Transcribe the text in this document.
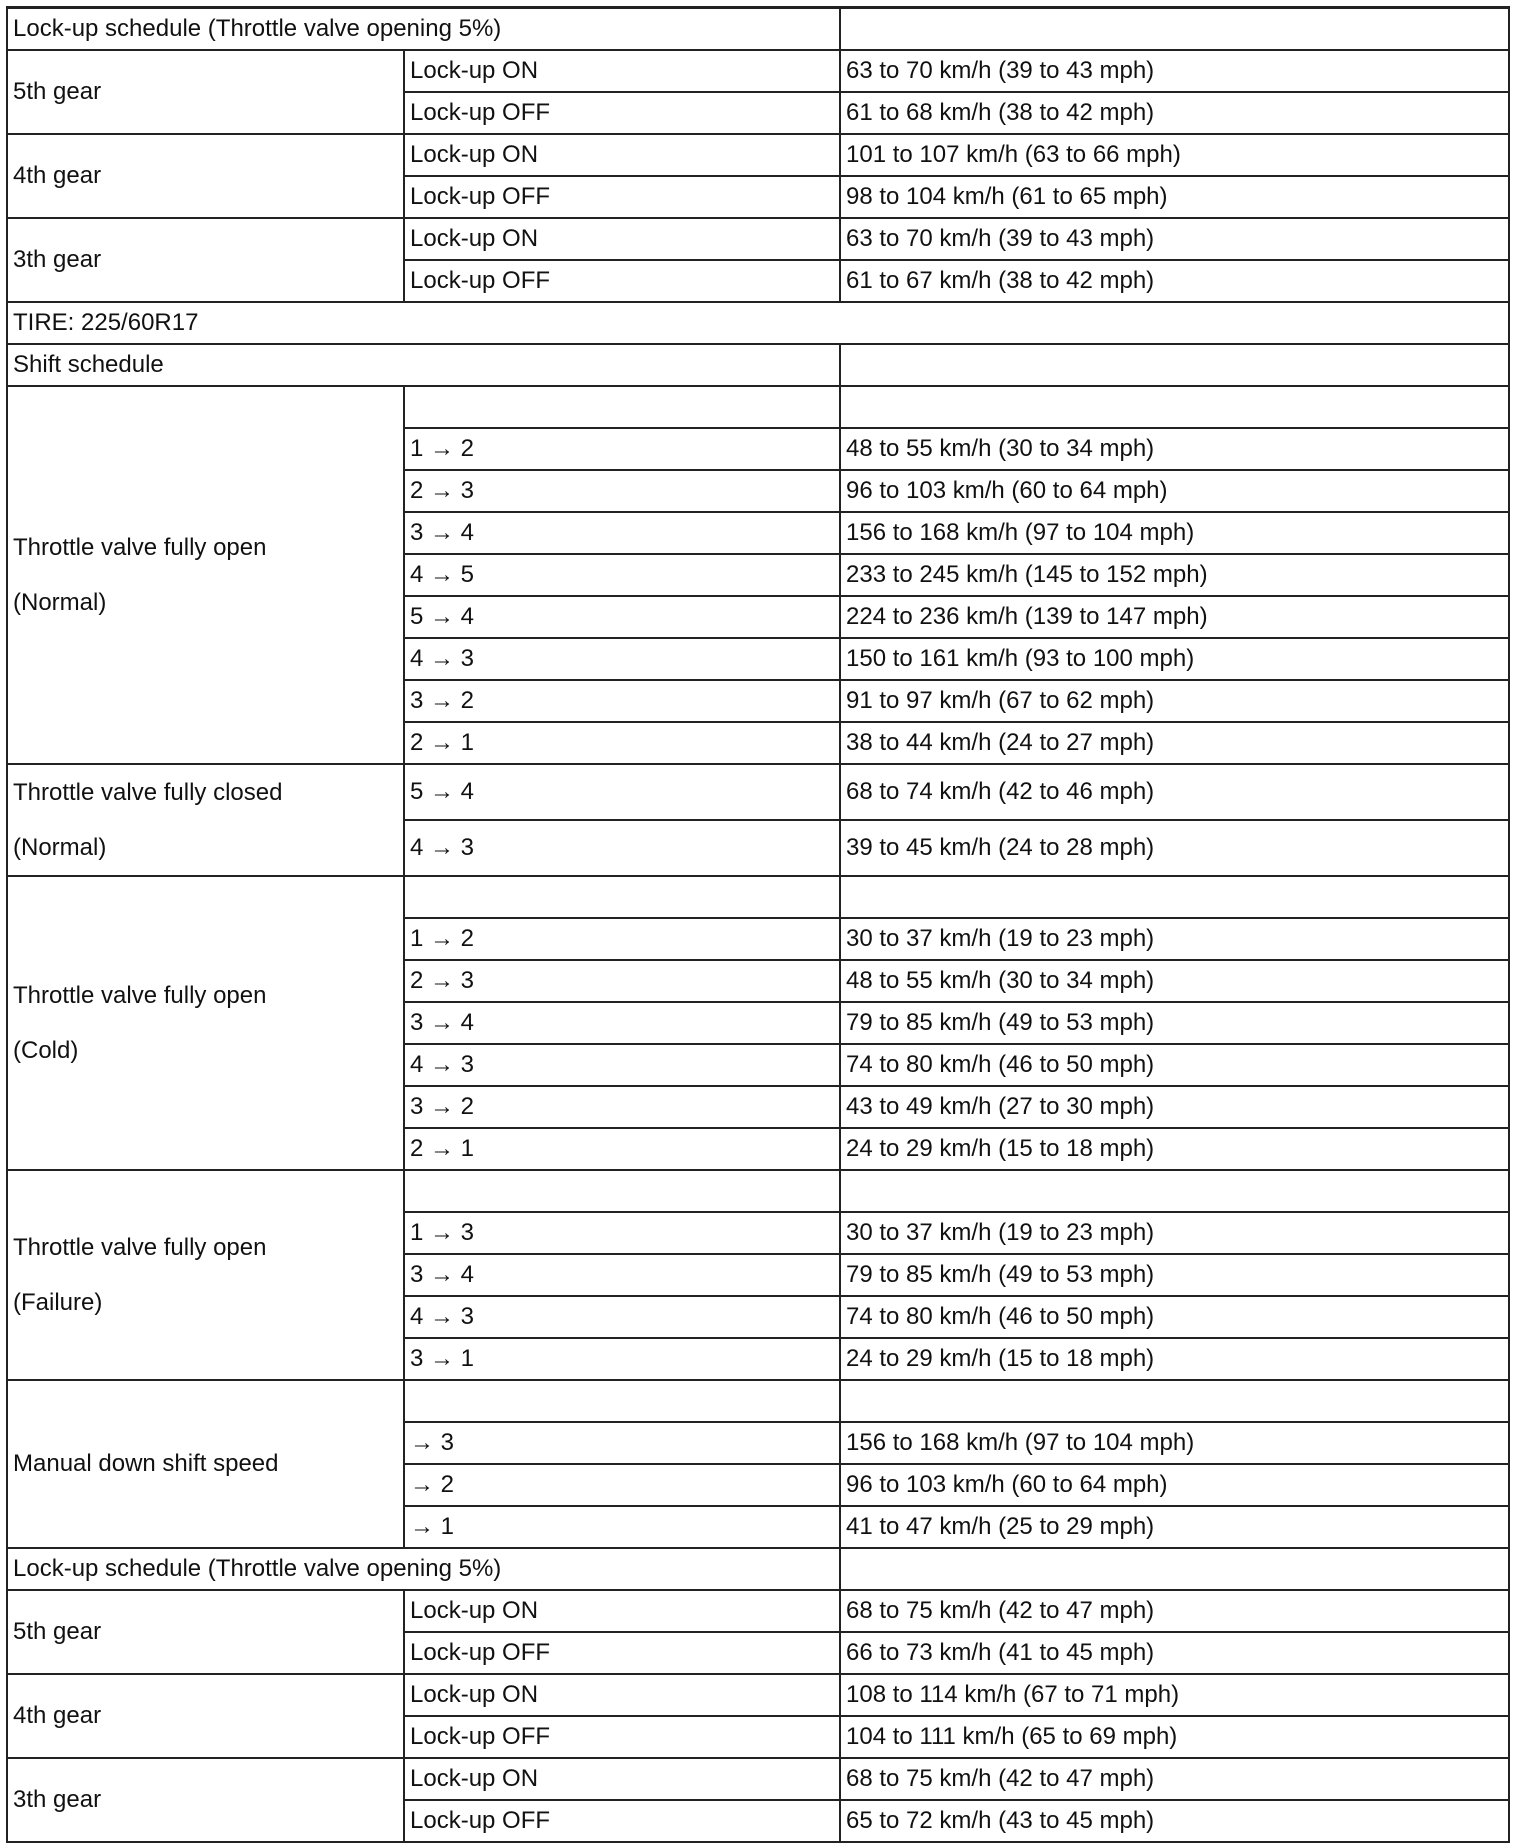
Lock-up schedule (Throttle valve opening 5%)		

5th gear	Lock-up ON	63 to 70 km/h (39 to 43 mph)
	Lock-up OFF	61 to 68 km/h (38 to 42 mph)

4th gear	Lock-up ON	101 to 107 km/h (63 to 66 mph)
	Lock-up OFF	98 to 104 km/h (61 to 65 mph)

3th gear	Lock-up ON	63 to 70 km/h (39 to 43 mph)
	Lock-up OFF	61 to 67 km/h (38 to 42 mph)
TIRE: 225/60R17		
Shift schedule		

Throttle valve fully open
(Normal)		

	1 → 2	48 to 55 km/h (30 to 34 mph)
	2 → 3	96 to 103 km/h (60 to 64 mph)
	3 → 4	156 to 168 km/h (97 to 104 mph)
	4 → 5	233 to 245 km/h (145 to 152 mph)
	5 → 4	224 to 236 km/h (139 to 147 mph)
	4 → 3	150 to 161 km/h (93 to 100 mph)
	3 → 2	91 to 97 km/h (67 to 62 mph)
	2 → 1	38 to 44 km/h (24 to 27 mph)

Throttle valve fully closed
(Normal)	5 → 4	68 to 74 km/h (42 to 46 mph)
	4 → 3	39 to 45 km/h (24 to 28 mph)

Throttle valve fully open
(Cold)		

	1 → 2	30 to 37 km/h (19 to 23 mph)
	2 → 3	48 to 55 km/h (30 to 34 mph)
	3 → 4	79 to 85 km/h (49 to 53 mph)
	4 → 3	74 to 80 km/h (46 to 50 mph)
	3 → 2	43 to 49 km/h (27 to 30 mph)
	2 → 1	24 to 29 km/h (15 to 18 mph)

Throttle valve fully open
(Failure)		

	1 → 3	30 to 37 km/h (19 to 23 mph)
	3 → 4	79 to 85 km/h (49 to 53 mph)
	4 → 3	74 to 80 km/h (46 to 50 mph)
	3 → 1	24 to 29 km/h (15 to 18 mph)

Manual down shift speed		

	→ 3	156 to 168 km/h (97 to 104 mph)
	→ 2	96 to 103 km/h (60 to 64 mph)
	→ 1	41 to 47 km/h (25 to 29 mph)
Lock-up schedule (Throttle valve opening 5%)		

5th gear	Lock-up ON	68 to 75 km/h (42 to 47 mph)
	Lock-up OFF	66 to 73 km/h (41 to 45 mph)

4th gear	Lock-up ON	108 to 114 km/h (67 to 71 mph)
	Lock-up OFF	104 to 111 km/h (65 to 69 mph)

3th gear	Lock-up ON	68 to 75 km/h (42 to 47 mph)
	Lock-up OFF	65 to 72 km/h (43 to 45 mph)
